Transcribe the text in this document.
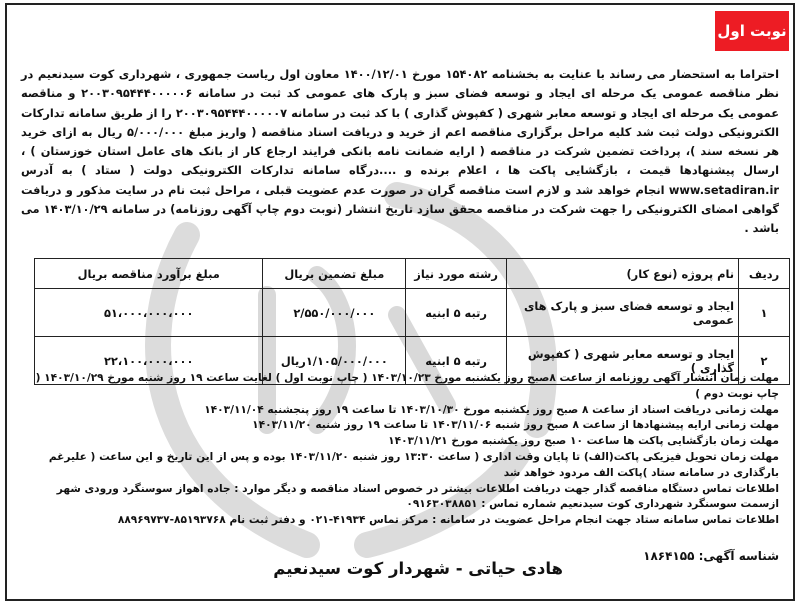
نوبت اول
احتراما به استحضار می رساند با عنایت به بخشنامه ۱۵۴۰۸۲ مورخ ۱۴۰۰/۱۲/۰۱ معاون اول ریاست جمهوری ، شهرداری کوت سیدنعیم در نظر مناقصه عمومی یک مرحله ای ایجاد و توسعه فضای سبز و پارک های عمومی کد ثبت در سامانه ۲۰۰۳۰۹۵۴۴۴۰۰۰۰۰۶ و مناقصه عمومی یک مرحله ای ایجاد و توسعه معابر شهری ( کفپوش گذاری ) با کد ثبت در سامانه ۲۰۰۳۰۹۵۴۴۴۰۰۰۰۰۷ را از طریق سامانه تدارکات الکترونیکی دولت ثبت شد کلیه مراحل برگزاری مناقصه اعم از خرید و دریافت اسناد مناقصه ( واریز مبلغ ۵/۰۰۰/۰۰۰ ریال به ازای خرید هر نسخه سند )، پرداخت تضمین شرکت در مناقصه ( ارایه ضمانت نامه بانکی فرایند ارجاع کار از بانک های عامل استان خوزستان ) ، ارسال پیشنهادها قیمت ، بازگشایی پاکت ها ، اعلام برنده و ....درگاه سامانه تدارکات الکترونیکی دولت ( ستاد ) به آدرس www.setadiran.ir انجام خواهد شد و لازم است مناقصه گران در صورت عدم عضویت قبلی ، مراحل ثبت نام در سایت مذکور و دریافت گواهی امضای الکترونیکی را جهت شرکت در مناقصه محقق سازد تاریخ انتشار (نوبت دوم چاپ آگهی روزنامه) در سامانه ۱۴۰۳/۱۰/۲۹ می باشد .
ردیف	نام پروژه (نوع کار)	رشته مورد نیاز	مبلغ تضمین بریال	مبلغ برآورد مناقصه بریال
۱	ایجاد و توسعه فضای سبز و پارک های عمومی	رتبه ۵ ابنیه	۲/۵۵۰/۰۰۰/۰۰۰	۵۱،۰۰۰،۰۰۰،۰۰۰
۲	ایجاد و توسعه معابر شهری ( کفپوش گذاری )	رتبه ۵ ابنیه	۱/۱۰۵/۰۰۰/۰۰۰ریال	۲۲،۱۰۰،۰۰۰،۰۰۰

مهلت زمان انتشار آگهی روزنامه از ساعت ۸صبح روز یکشنبه مورخ ۱۴۰۳/۱۰/۲۳ ( چاپ نوبت اول ) لغایت ساعت ۱۹ روز شنبه مورخ ۱۴۰۳/۱۰/۲۹ ( چاپ نوبت دوم )

مهلت زمانی دریافت اسناد از ساعت ۸ صبح روز یکشنبه مورخ ۱۴۰۳/۱۰/۳۰ تا ساعت ۱۹ روز پنجشنبه ۱۴۰۳/۱۱/۰۴

مهلت زمانی ارایه پیشنهادها از ساعت ۸ صبح روز شنبه ۱۴۰۳/۱۱/۰۶ تا ساعت ۱۹ روز شنبه ۱۴۰۳/۱۱/۲۰

مهلت زمان بازگشایی پاکت ها ساعت ۱۰ صبح روز یکشنبه مورخ ۱۴۰۳/۱۱/۲۱

مهلت زمان تحویل فیزیکی پاکت(الف) تا پایان وقت اداری ( ساعت ۱۳:۳۰ روز شنبه ۱۴۰۳/۱۱/۲۰ بوده و پس از این تاریخ و این ساعت ( علیرغم بارگذاری در سامانه ستاد )پاکت الف مردود خواهد شد

اطلاعات تماس دستگاه مناقصه گذار جهت دریافت اطلاعات بیشتر در خصوص اسناد مناقصه و دیگر موارد : جاده اهواز سوسنگرد ورودی شهر ازسمت سوسنگرد شهرداری کوت سیدنعیم شماره تماس : ۰۹۱۶۳۰۳۸۸۵۱

اطلاعات تماس سامانه ستاد جهت انجام مراحل عضویت در سامانه : مرکز تماس ۴۱۹۳۴-۰۲۱ و دفتر ثبت نام ۸۵۱۹۳۷۶۸-۸۸۹۶۹۷۳۷

شناسه آگهی: ۱۸۶۴۱۵۵
هادی حیاتی - شهردار کوت سیدنعیم
